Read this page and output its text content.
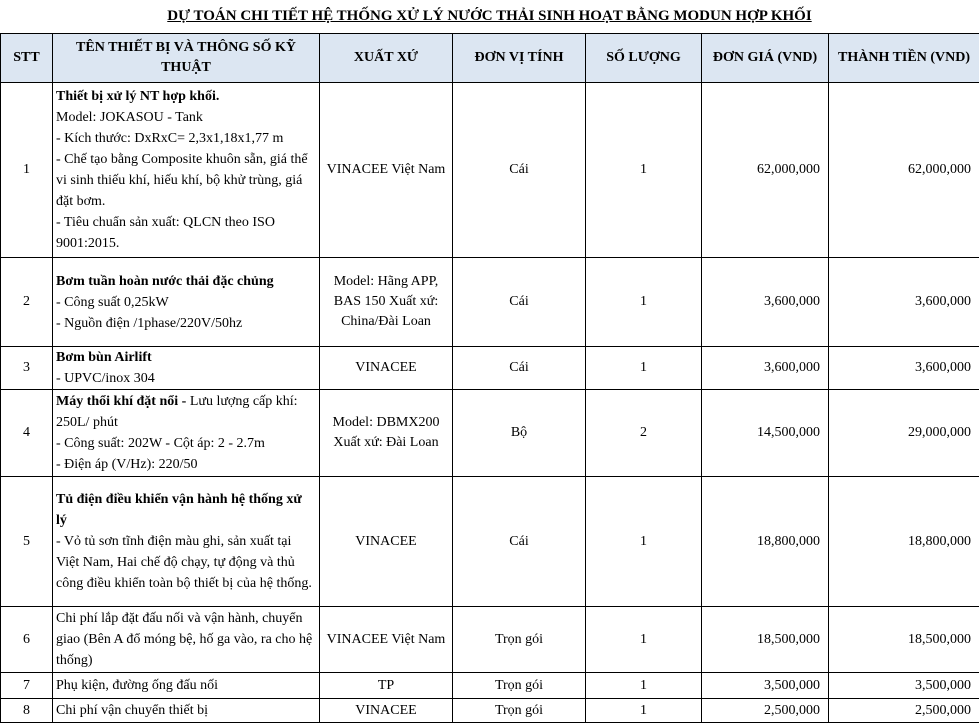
DỰ TOÁN CHI TIẾT HỆ THỐNG XỬ LÝ NƯỚC THẢI SINH HOẠT BẰNG MODUN HỢP KHỐI
STT	TÊN THIẾT BỊ VÀ THÔNG SỐ KỸ THUẬT	XUẤT XỨ	ĐƠN VỊ TÍNH	SỐ LƯỢNG	ĐƠN GIÁ (VND)	THÀNH TIỀN (VND)
1	Thiết bị xử lý NT hợp khối.
Model: JOKASOU - Tank
- Kích thước: DxRxC= 2,3x1,18x1,77 m
- Chế tạo bằng Composite khuôn sẵn, giá thể vi sinh thiếu khí, hiếu khí, bộ khử trùng, giá đặt bơm.
- Tiêu chuẩn sản xuất: QLCN theo ISO 9001:2015.	VINACEE Việt Nam	Cái	1	62,000,000	62,000,000
2	Bơm tuần hoàn nước thải đặc chủng
- Công suất 0,25kW
- Nguồn điện /1phase/220V/50hz	Model: Hãng APP, BAS 150 Xuất xứ: China/Đài Loan	Cái	1	3,600,000	3,600,000
3	Bơm bùn Airlift
- UPVC/inox 304	VINACEE	Cái	1	3,600,000	3,600,000
4	Máy thổi khí đặt nổi - Lưu lượng cấp khí: 250L/ phút
- Công suất: 202W - Cột áp: 2 - 2.7m
- Điện áp (V/Hz): 220/50	Model: DBMX200 Xuất xứ: Đài Loan	Bộ	2	14,500,000	29,000,000
5	Tủ điện điều khiển vận hành hệ thống xử lý
- Vỏ tủ sơn tĩnh điện màu ghi, sản xuất tại Việt Nam, Hai chế độ chạy, tự động và thủ công điều khiển toàn bộ thiết bị của hệ thống.	VINACEE	Cái	1	18,800,000	18,800,000
6	Chi phí lắp đặt đấu nối và vận hành, chuyển giao (Bên A đổ móng bệ, hố ga vào, ra cho hệ thống)	VINACEE Việt Nam	Trọn gói	1	18,500,000	18,500,000
7	Phụ kiện, đường ống đấu nối	TP	Trọn gói	1	3,500,000	3,500,000
8	Chi phí vận chuyển thiết bị	VINACEE	Trọn gói	1	2,500,000	2,500,000
